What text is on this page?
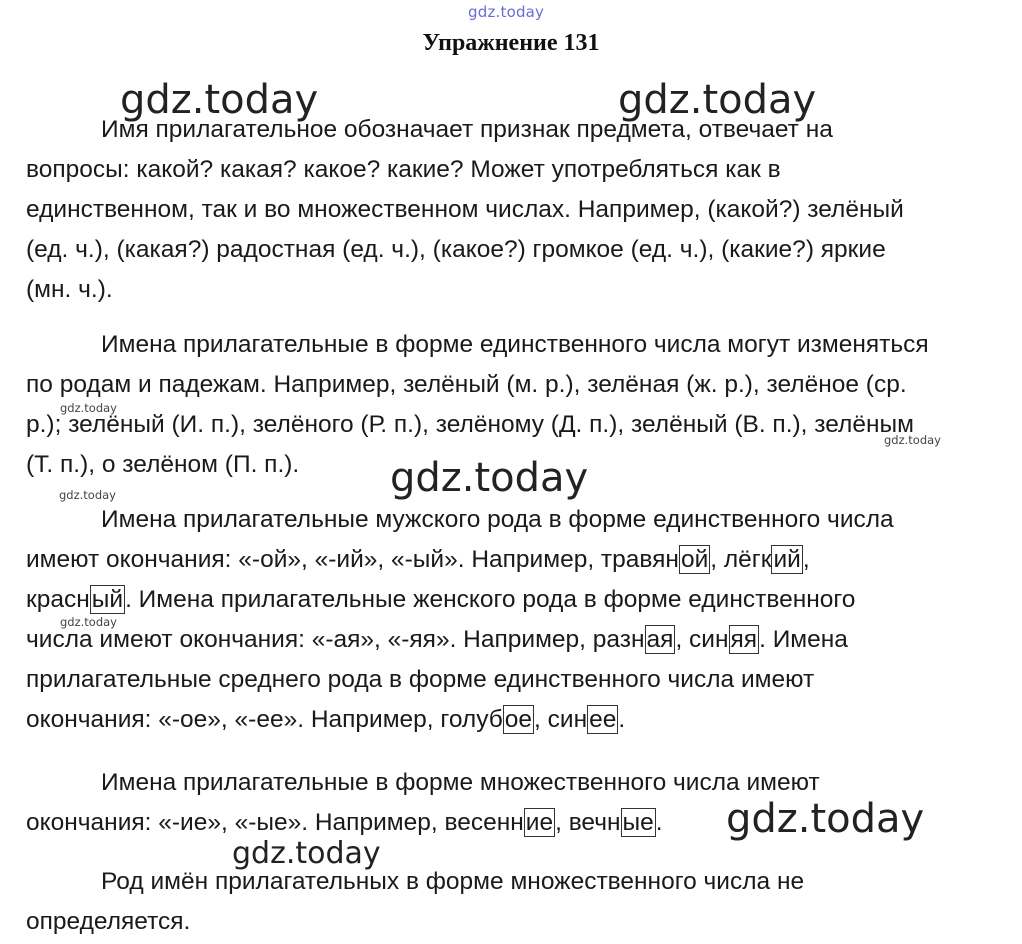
gdz.today
Упражнение 131
Имя прилагательное обозначает признак предмета, отвечает на
вопросы: какой? какая? какое? какие? Может употребляться как в
единственном, так и во множественном числах. Например, (какой?) зелёный
(ед. ч.), (какая?) радостная (ед. ч.), (какое?) громкое (ед. ч.), (какие?) яркие
(мн. ч.).
Имена прилагательные в форме единственного числа могут изменяться
по родам и падежам. Например, зелёный (м. р.), зелёная (ж. р.), зелёное (ср.
р.); зелёный (И. п.), зелёного (Р. п.), зелёному (Д. п.), зелёный (В. п.), зелёным
(Т. п.), о зелёном (П. п.).
Имена прилагательные мужского рода в форме единственного числа
имеют окончания: «-ой», «-ий», «-ый». Например, травяной, лёгкий,
красный. Имена прилагательные женского рода в форме единственного
числа имеют окончания: «-ая», «-яя». Например, разная, синяя. Имена
прилагательные среднего рода в форме единственного числа имеют
окончания: «-ое», «-ее». Например, голубое, синее.
Имена прилагательные в форме множественного числа имеют
окончания: «-ие», «-ые». Например, весенние, вечные.
Род имён прилагательных в форме множественного числа не
определяется.
gdz.today	gdz.today
gdz.today
gdz.today
gdz.today
gdz.today
gdz.today
gdz.today
gdz.today
